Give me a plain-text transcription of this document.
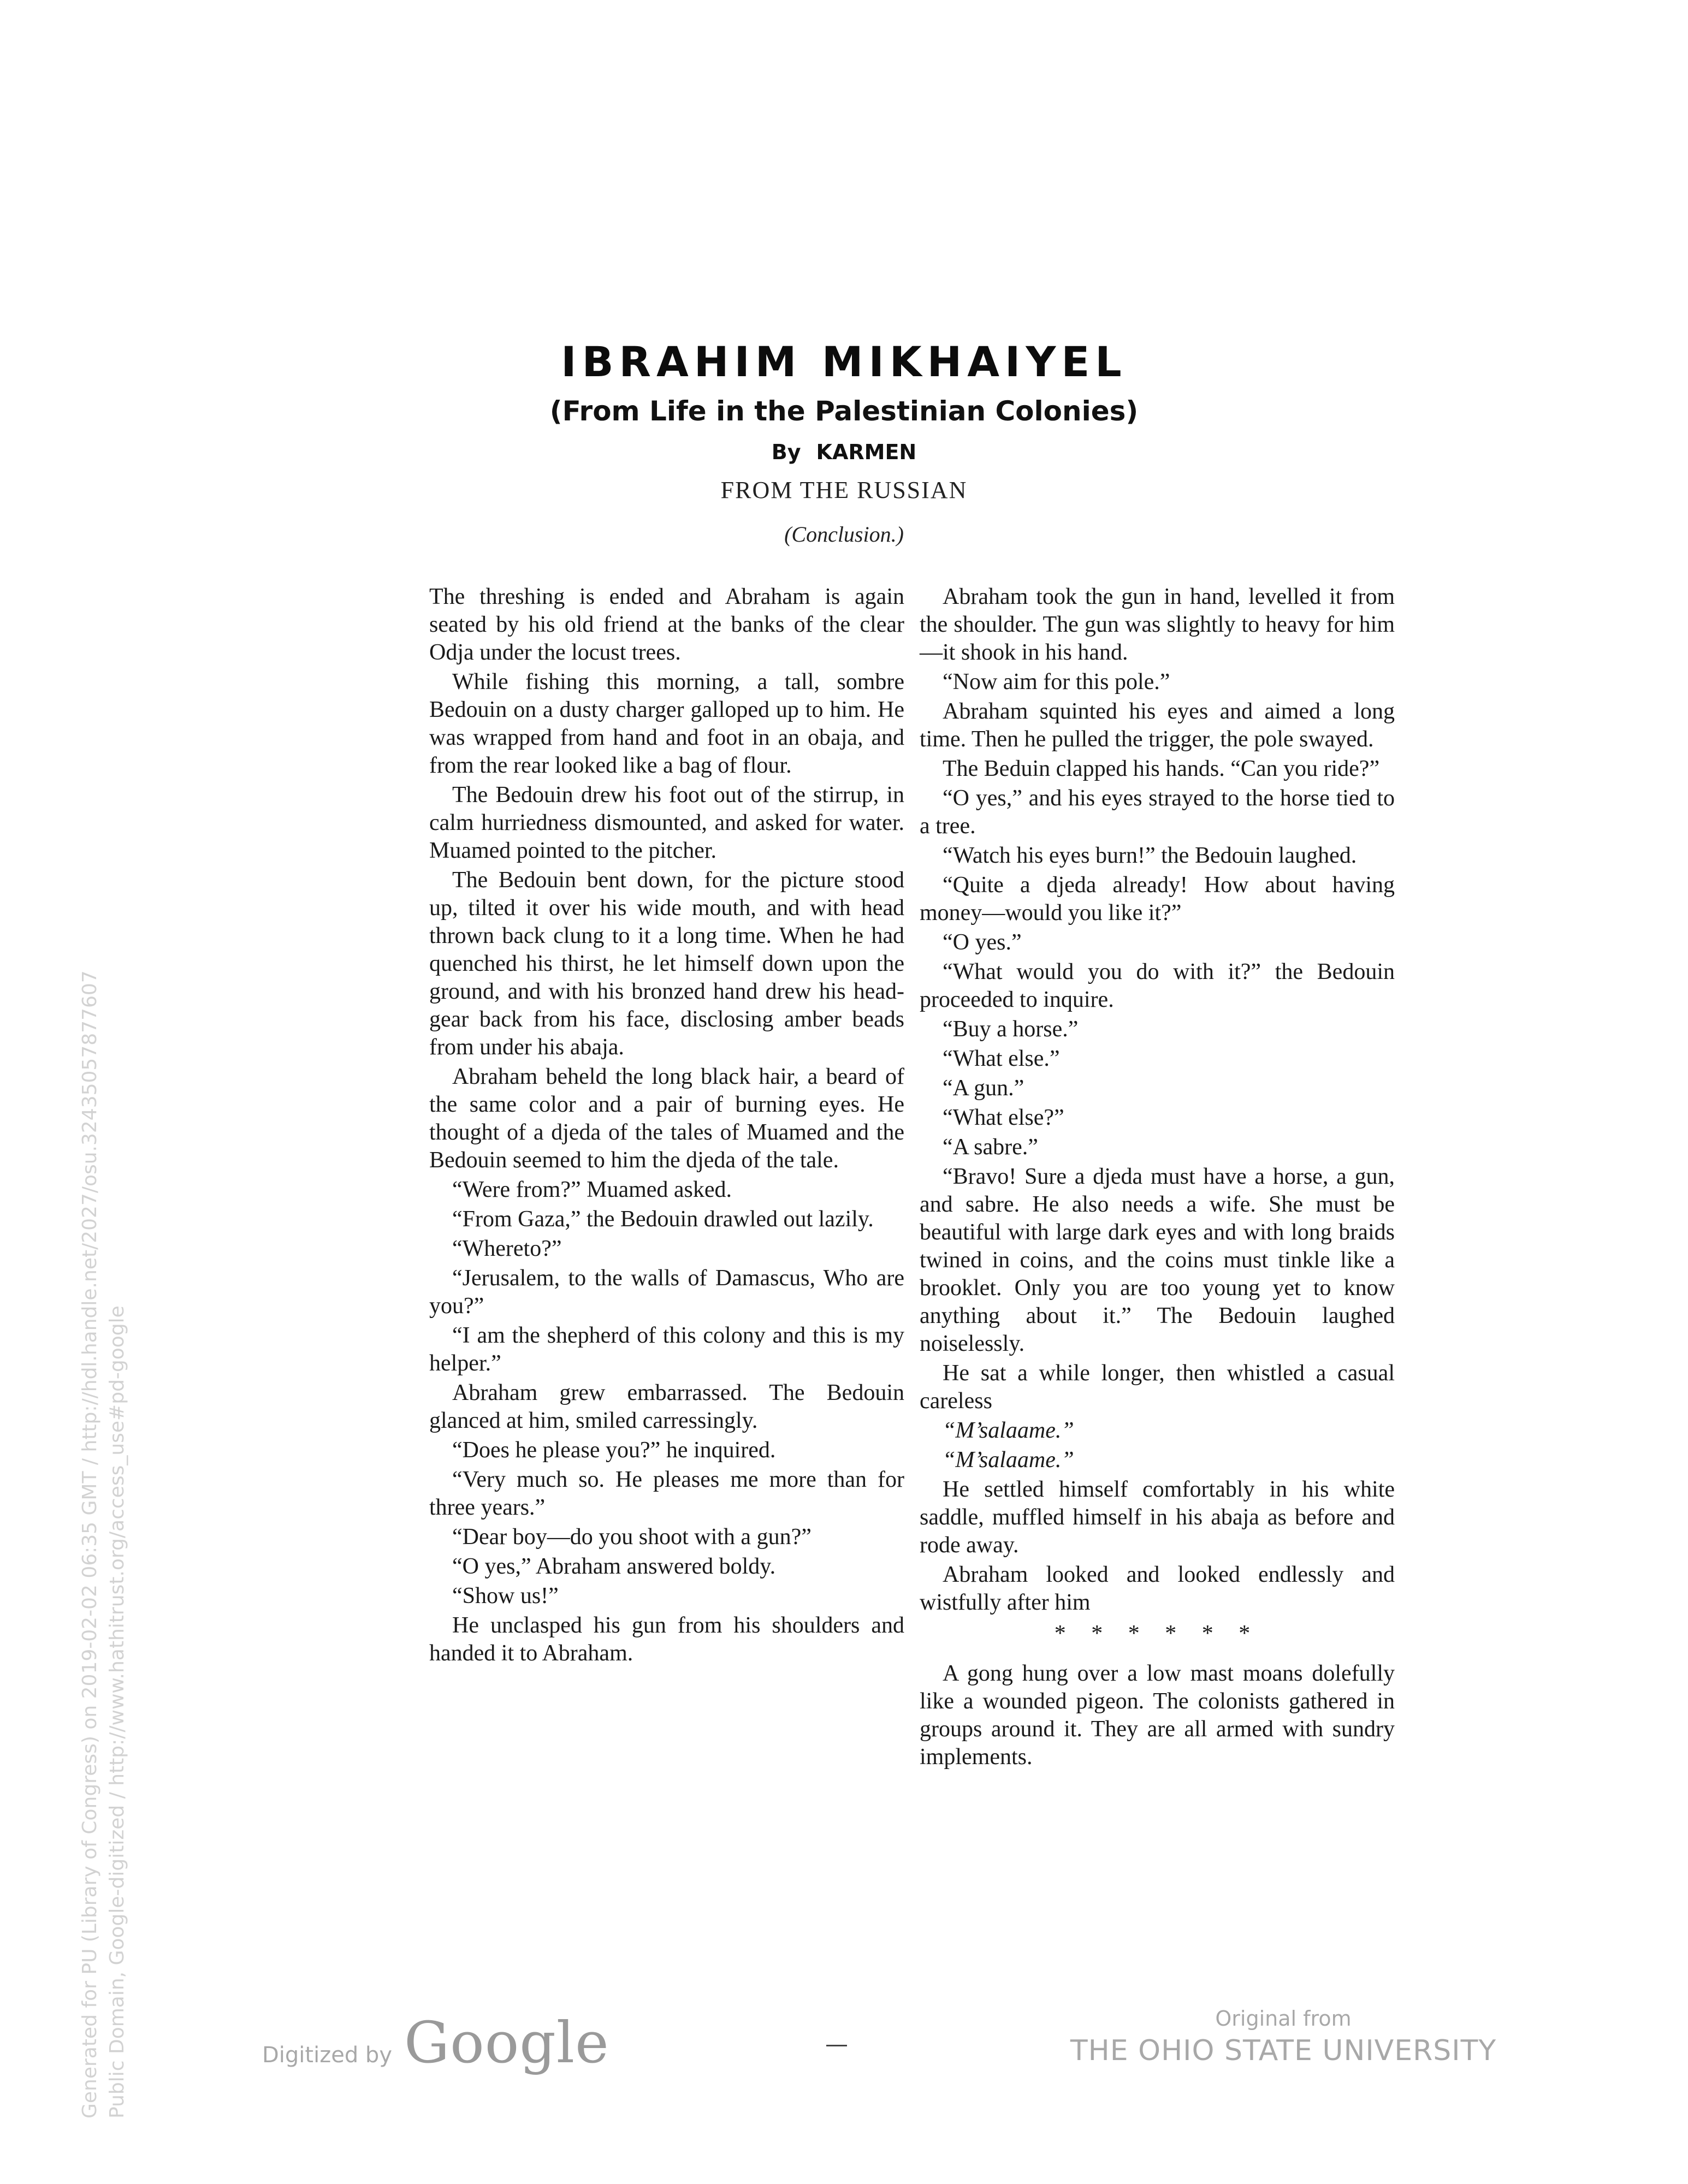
IBRAHIM MIKHAIYEL
(From Life in the Palestinian Colonies)
By KARMEN
FROM THE RUSSIAN
(Conclusion.)

The threshing is ended and Abraham is again seated by his old friend at the banks of the clear Odja under the locust trees.

While fishing this morning, a tall, sombre Bedouin on a dusty charger galloped up to him. He was wrapped from hand and foot in an obaja, and from the rear looked like a bag of flour.

The Bedouin drew his foot out of the stirrup, in calm hurriedness dismounted, and asked for water. Muamed pointed to the pitcher.

The Bedouin bent down, for the picture stood up, tilted it over his wide mouth, and with head thrown back clung to it a long time. When he had quenched his thirst, he let himself down upon the ground, and with his bronzed hand drew his head-gear back from his face, disclosing amber beads from under his abaja.

Abraham beheld the long black hair, a beard of the same color and a pair of burning eyes. He thought of a djeda of the tales of Muamed and the Bedouin seemed to him the djeda of the tale.

“Were from?” Muamed asked.

“From Gaza,” the Bedouin drawled out lazily.

“Whereto?”

“Jerusalem, to the walls of Damascus, Who are you?”

“I am the shepherd of this colony and this is my helper.”

Abraham grew embarrassed. The Bedouin glanced at him, smiled carressingly.

“Does he please you?” he inquired.

“Very much so. He pleases me more than for three years.”

“Dear boy—do you shoot with a gun?”

“O yes,” Abraham answered boldy.

“Show us!”

He unclasped his gun from his shoulders and handed it to Abraham.

Abraham took the gun in hand, levelled it from the shoulder. The gun was slightly to heavy for him—it shook in his hand.

“Now aim for this pole.”

Abraham squinted his eyes and aimed a long time. Then he pulled the trigger, the pole swayed.

The Beduin clapped his hands. “Can you ride?”

“O yes,” and his eyes strayed to the horse tied to a tree.

“Watch his eyes burn!” the Bedouin laughed.

“Quite a djeda already! How about having money—would you like it?”

“O yes.”

“What would you do with it?” the Bedouin proceeded to inquire.

“Buy a horse.”

“What else.”

“A gun.”

“What else?”

“A sabre.”

“Bravo! Sure a djeda must have a horse, a gun, and sabre. He also needs a wife. She must be beautiful with large dark eyes and with long braids twined in coins, and the coins must tinkle like a brooklet. Only you are too young yet to know anything about it.” The Bedouin laughed noiselessly.

He sat a while longer, then whistled a casual careless

“M’salaame.”

“M’salaame.”

He settled himself comfortably in his white saddle, muffled himself in his abaja as before and rode away.

Abraham looked and looked endlessly and wistfully after him

* * * * * *

A gong hung over a low mast moans dolefully like a wounded pigeon. The colonists gathered in groups around it. They are all armed with sundry implements.

Generated for PU (Library of Congress) on 2019-02-02 06:35 GMT / http://hdl.handle.net/2027/osu.32435057877607 Public Domain, Google-digitized / http://www.hathitrust.org/access_use#pd-google	Digitized by Google	Original from
THE OHIO STATE UNIVERSITY
